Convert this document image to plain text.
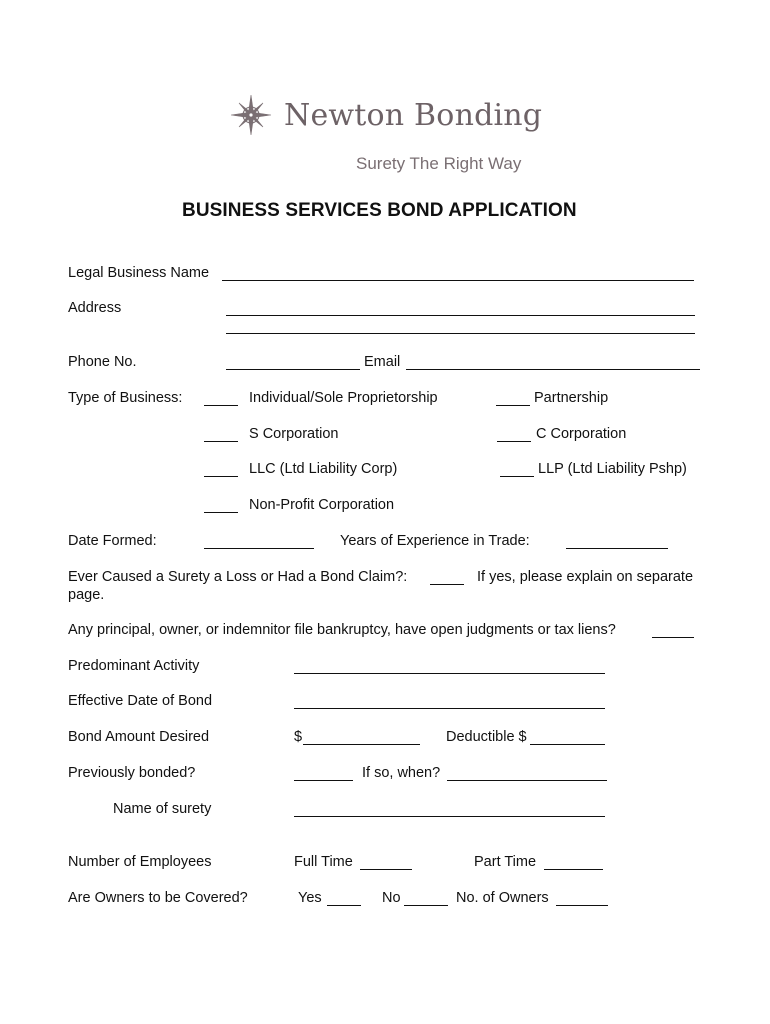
Newton Bonding
Surety The Right Way
BUSINESS SERVICES BOND APPLICATION
Legal Business Name
Address
Phone No.	Email
Type of Business:	Individual/Sole Proprietorship	Partnership
S Corporation	C Corporation
LLC (Ltd Liability Corp)	LLP (Ltd Liability Pshp)
Non-Profit Corporation
Date Formed:	Years of Experience in Trade:
Ever Caused a Surety a Loss or Had a Bond Claim?:	If yes, please explain on separate
page.
Any principal, owner, or indemnitor file bankruptcy, have open judgments or tax liens?
Predominant Activity
Effective Date of Bond
Bond Amount Desired	$	Deductible $
Previously bonded?	If so, when?
Name of surety
Number of Employees	Full Time	Part Time
Are Owners to be Covered?	Yes	No	No. of Owners
